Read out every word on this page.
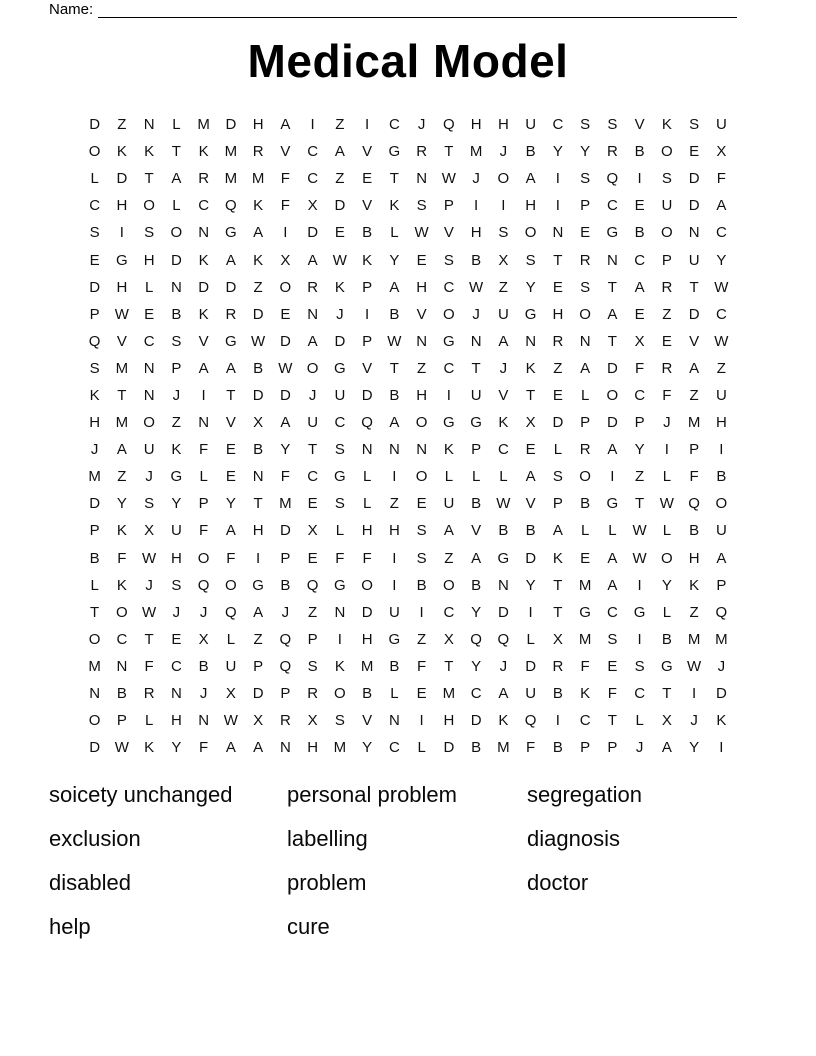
Name:
Medical Model
D	Z	N	L	M	D	H	A	I	Z	I	C	J	Q	H	H	U	C	S	S	V	K	S	U
O	K	K	T	K	M	R	V	C	A	V	G	R	T	M	J	B	Y	Y	R	B	O	E	X
L	D	T	A	R	M M	F	C	Z	E	T	N W	J	O	A	I	S	Q	I	S	D	F
C	H	O	L	C	Q	K	F	X	D	V	K	S	P	I	I	H	I	P	C	E	U	D	A
S	I	S	O	N	G	A	I	D	E	B	L	W	V	H	S	O	N	E	G	B	O	N	C
E	G	H	D	K	A	K	X	A	W	K	Y	E	S	B	X	S	T	R	N	C	P	U	Y
D	H	L	N	D	D	Z	O	R	K	P	A	H	C W	Z	Y	E	S	T	A	R	T	W
P	W	E	B	K	R	D	E	N	J	I	B	V	O	J	U	G	H	O	A	E	Z	D	C
Q	V	C	S	V	G W D	A	D	P	W N	G	N	A	N	R	N	T	X	E	V	W
S	M	N	P	A	A	B	W O	G	V	T	Z	C	T	J	K	Z	A	D	F	R	A	Z
K	T	N	J	I	T	D	D	J	U	D	B	H	I	U	V	T	E	L	O	C	F	Z	U
H	M	O	Z	N	V	X	A	U	C	Q	A	O	G	G	K	X	D	P	D	P	J	M	H
J	A	U	K	F	E	B	Y	T	S	N	N	N	K	P	C	E	L	R	A	Y	I	P	I
M	Z	J	G	L	E	N	F	C	G	L	I	O	L	L	L	A	S	O	I	Z	L	F	B
D	Y	S	Y	P	Y	T	M	E	S	L	Z	E	U	B	W	V	P	B	G	T	W Q	O
P	K	X	U	F	A	H	D	X	L	H	H	S	A	V	B	B	A	L	L	W	L	B	U
B	F	W H	O	F	I	P	E	F	F	I	S	Z	A	G	D	K	E	A	W O	H	A
L	K	J	S	Q	O	G	B	Q	G	O	I	B	O	B	N	Y	T	M	A	I	Y	K	P
T	O W	J	J	Q	A	J	Z	N	D	U	I	C	Y	D	I	T	G	C	G	L	Z	Q
O	C	T	E	X	L	Z	Q	P	I	H	G	Z	X	Q	Q	L	X	M	S	I	B	M M
M	N	F	C	B	U	P	Q	S	K	M	B	F	T	Y	J	D	R	F	E	S	G W	J
N	B	R	N	J	X	D	P	R	O	B	L	E	M	C	A	U	B	K	F	C	T	I	D
O	P	L	H	N W	X	R	X	S	V	N	I	H	D	K	Q	I	C	T	L	X	J	K
D W	K	Y	F	A	A	N	H	M	Y	C	L	D	B	M	F	B	P	P	J	A	Y	I
soicety unchanged	personal problem	segregation
exclusion	labelling	diagnosis
disabled	problem	doctor
help	cure
